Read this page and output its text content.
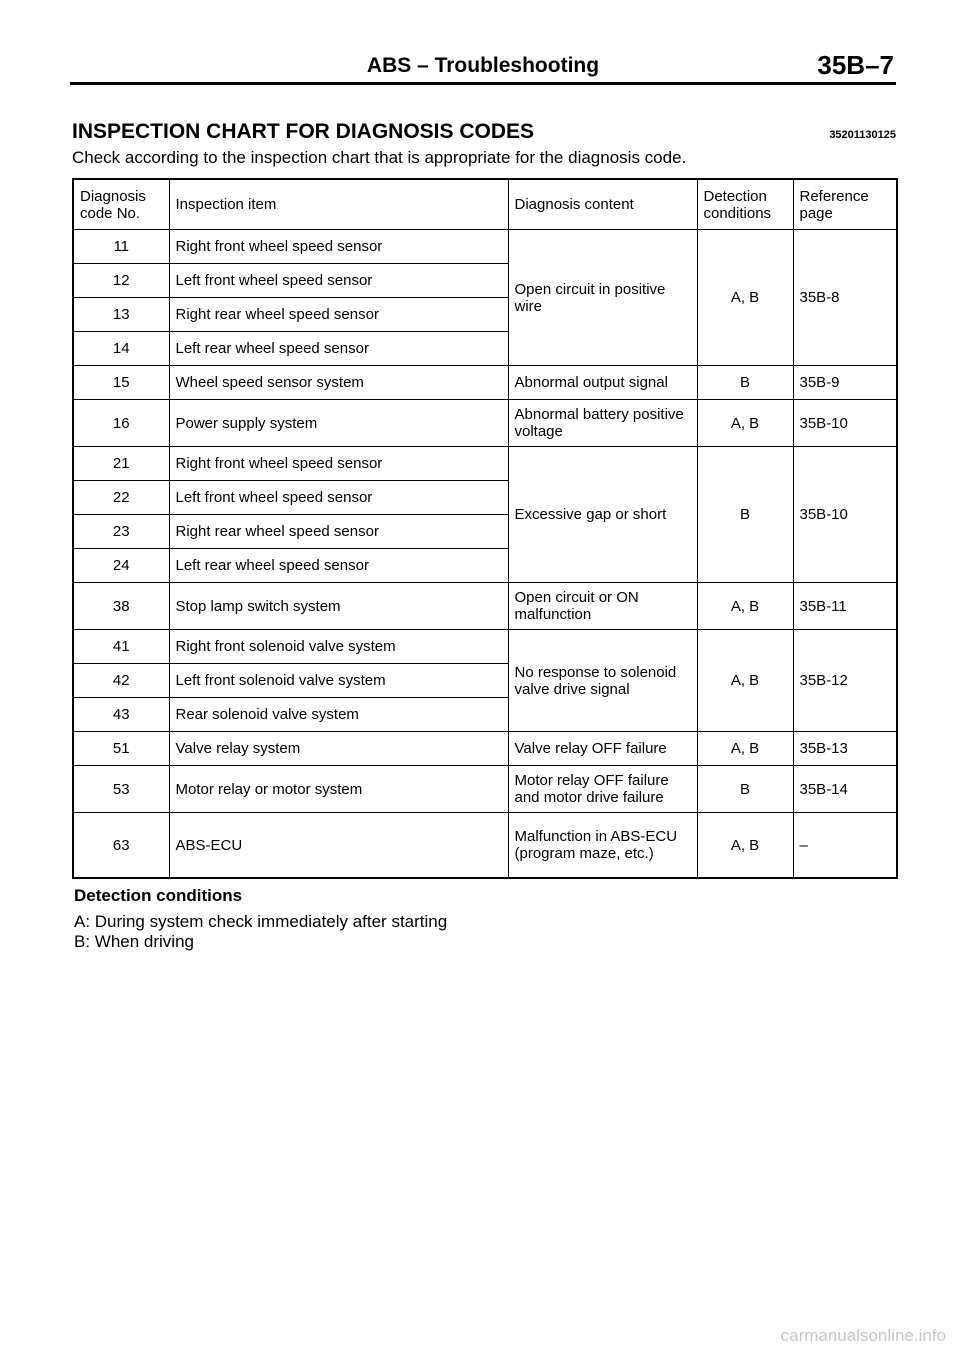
ABS – Troubleshooting	35B–7
INSPECTION CHART FOR DIAGNOSIS CODES	35201130125
Check according to the inspection chart that is appropriate for the diagnosis code.
Diagnosis code No.	Inspection item	Diagnosis content	Detection conditions	Reference page
11	Right front wheel speed sensor	Open circuit in positive wire	A, B	35B-8
12	Left front wheel speed sensor			
13	Right rear wheel speed sensor			
14	Left rear wheel speed sensor			
15	Wheel speed sensor system	Abnormal output signal	B	35B-9
16	Power supply system	Abnormal battery positive voltage	A, B	35B-10
21	Right front wheel speed sensor	Excessive gap or short	B	35B-10
22	Left front wheel speed sensor			
23	Right rear wheel speed sensor			
24	Left rear wheel speed sensor			
38	Stop lamp switch system	Open circuit or ON malfunction	A, B	35B-11
41	Right front solenoid valve system	No response to solenoid valve drive signal	A, B	35B-12
42	Left front solenoid valve system			
43	Rear solenoid valve system			
51	Valve relay system	Valve relay OFF failure	A, B	35B-13
53	Motor relay or motor system	Motor relay OFF failure and motor drive failure	B	35B-14
63	ABS-ECU	Malfunction in ABS-ECU (program maze, etc.)	A, B	–
Detection conditions
A: During system check immediately after starting
B: When driving
carmanualsonline.info
